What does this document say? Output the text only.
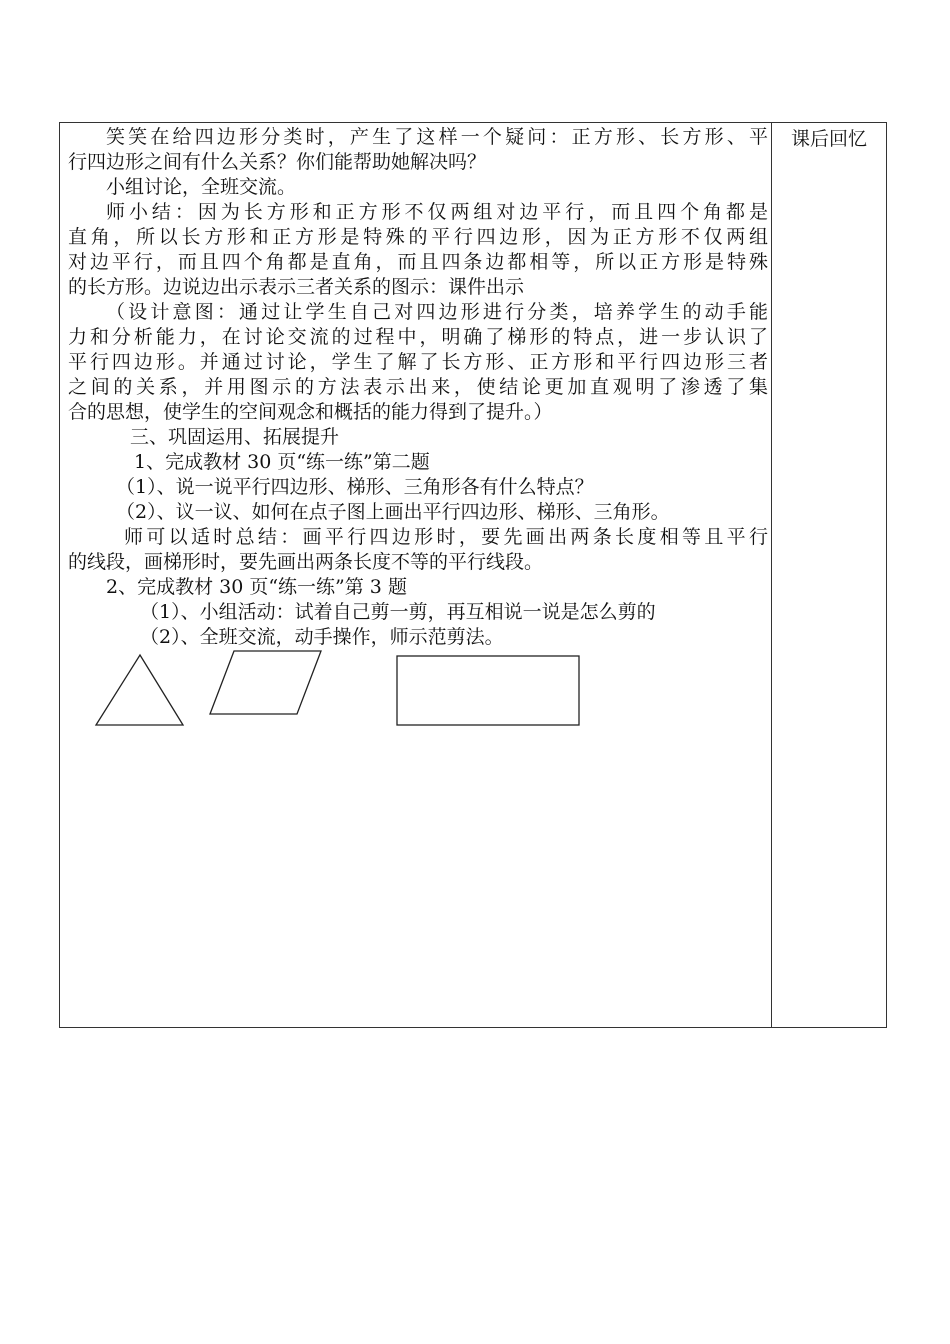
笑笑在给四边形分类时，产生了这样一个疑问：正方形、长方形、平
行四边形之间有什么关系？你们能帮助她解决吗？
小组讨论，全班交流。
师小结：因为长方形和正方形不仅两组对边平行，而且四个角都是
直角，所以长方形和正方形是特殊的平行四边形，因为正方形不仅两组
对边平行，而且四个角都是直角，而且四条边都相等，所以正方形是特殊
的长方形。边说边出示表示三者关系的图示：课件出示
（设计意图：通过让学生自己对四边形进行分类，培养学生的动手能
力和分析能力，在讨论交流的过程中，明确了梯形的特点，进一步认识了
平行四边形。并通过讨论，学生了解了长方形、正方形和平行四边形三者
之间的关系，并用图示的方法表示出来，使结论更加直观明了渗透了集
合的思想，使学生的空间观念和概括的能力得到了提升。）
三、巩固运用、拓展提升
1、完成教材 30 页“练一练”第二题
（1）、说一说平行四边形、梯形、三角形各有什么特点？
（2）、议一议、如何在点子图上画出平行四边形、梯形、三角形。
师可以适时总结：画平行四边形时，要先画出两条长度相等且平行
的线段，画梯形时，要先画出两条长度不等的平行线段。
2、完成教材 30 页“练一练”第 3 题
（1）、小组活动：试着自己剪一剪，再互相说一说是怎么剪的
（2）、全班交流，动手操作，师示范剪法。
课后回忆
